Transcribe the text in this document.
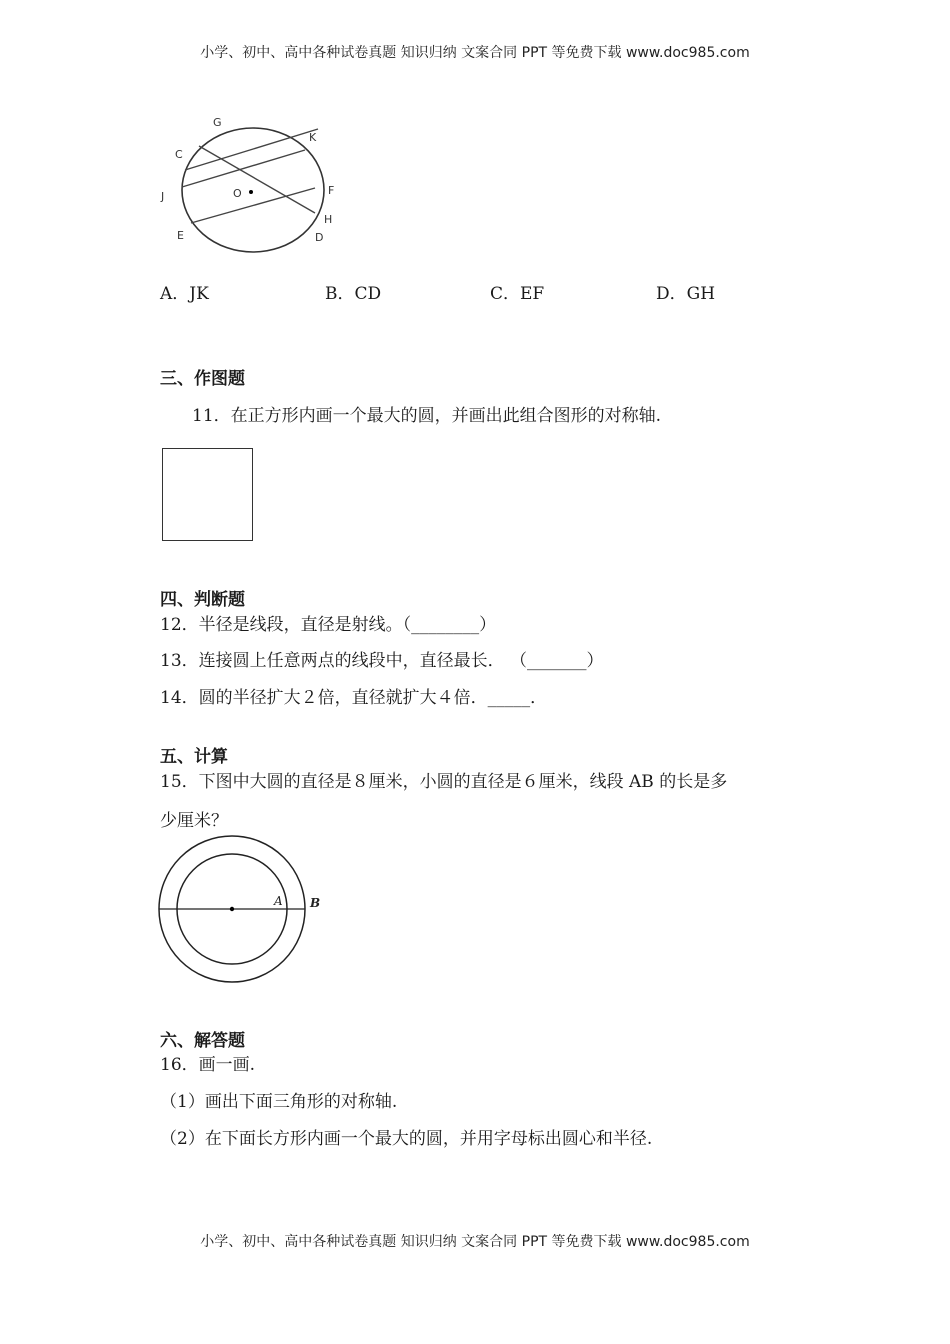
小学、初中、高中各种试卷真题 知识归纳 文案合同 PPT 等免费下载 www.doc985.com
G
K
C
J	O	F
H
E	D
A．JK	B．CD	C．EF	D．GH
三、作图题
11．在正方形内画一个最大的圆，并画出此组合图形的对称轴.
四、判断题
12．半径是线段，直径是射线。（________）
13．连接圆上任意两点的线段中，直径最长． （_______）
14．圆的半径扩大２倍，直径就扩大４倍．_____．
五、计算
15．下图中大圆的直径是８厘米，小圆的直径是６厘米，线段 AB 的长是多
少厘米？
A B
六、解答题
16．画一画.
（1）画出下面三角形的对称轴.
（2）在下面长方形内画一个最大的圆，并用字母标出圆心和半径.
小学、初中、高中各种试卷真题 知识归纳 文案合同 PPT 等免费下载 www.doc985.com
